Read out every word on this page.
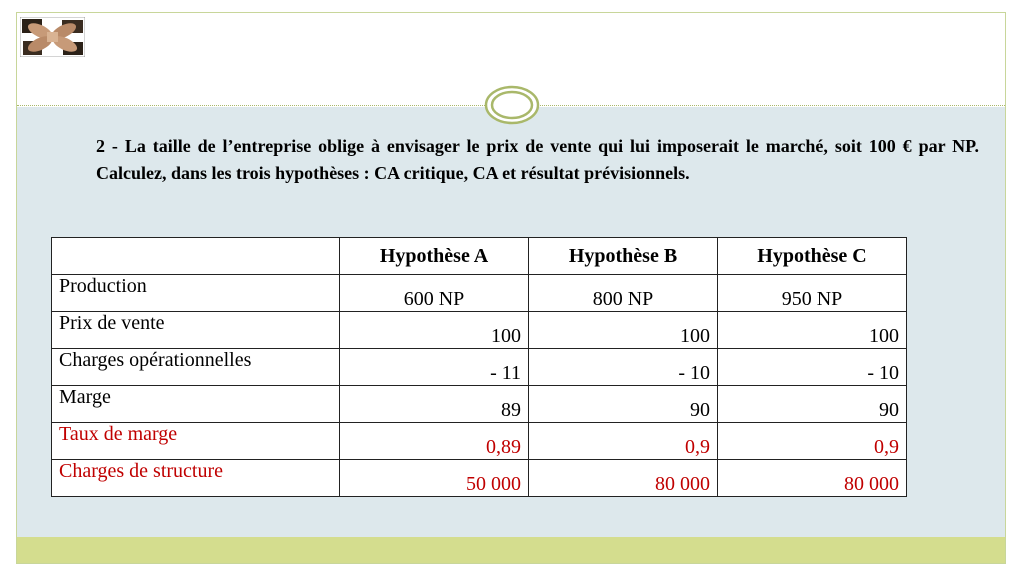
2 - La taille de l’entreprise oblige à envisager le prix de vente qui lui imposerait le marché, soit 100 € par NP. Calculez, dans les trois hypothèses : CA critique, CA et résultat prévisionnels.

	Hypothèse A	Hypothèse B	Hypothèse C
Production	600 NP	800 NP	950 NP
Prix de vente	100	100	100
Charges opérationnelles	- 11	- 10	- 10
Marge	89	90	90
Taux de marge	0,89	0,9	0,9
Charges de structure	50 000	80 000	80 000
